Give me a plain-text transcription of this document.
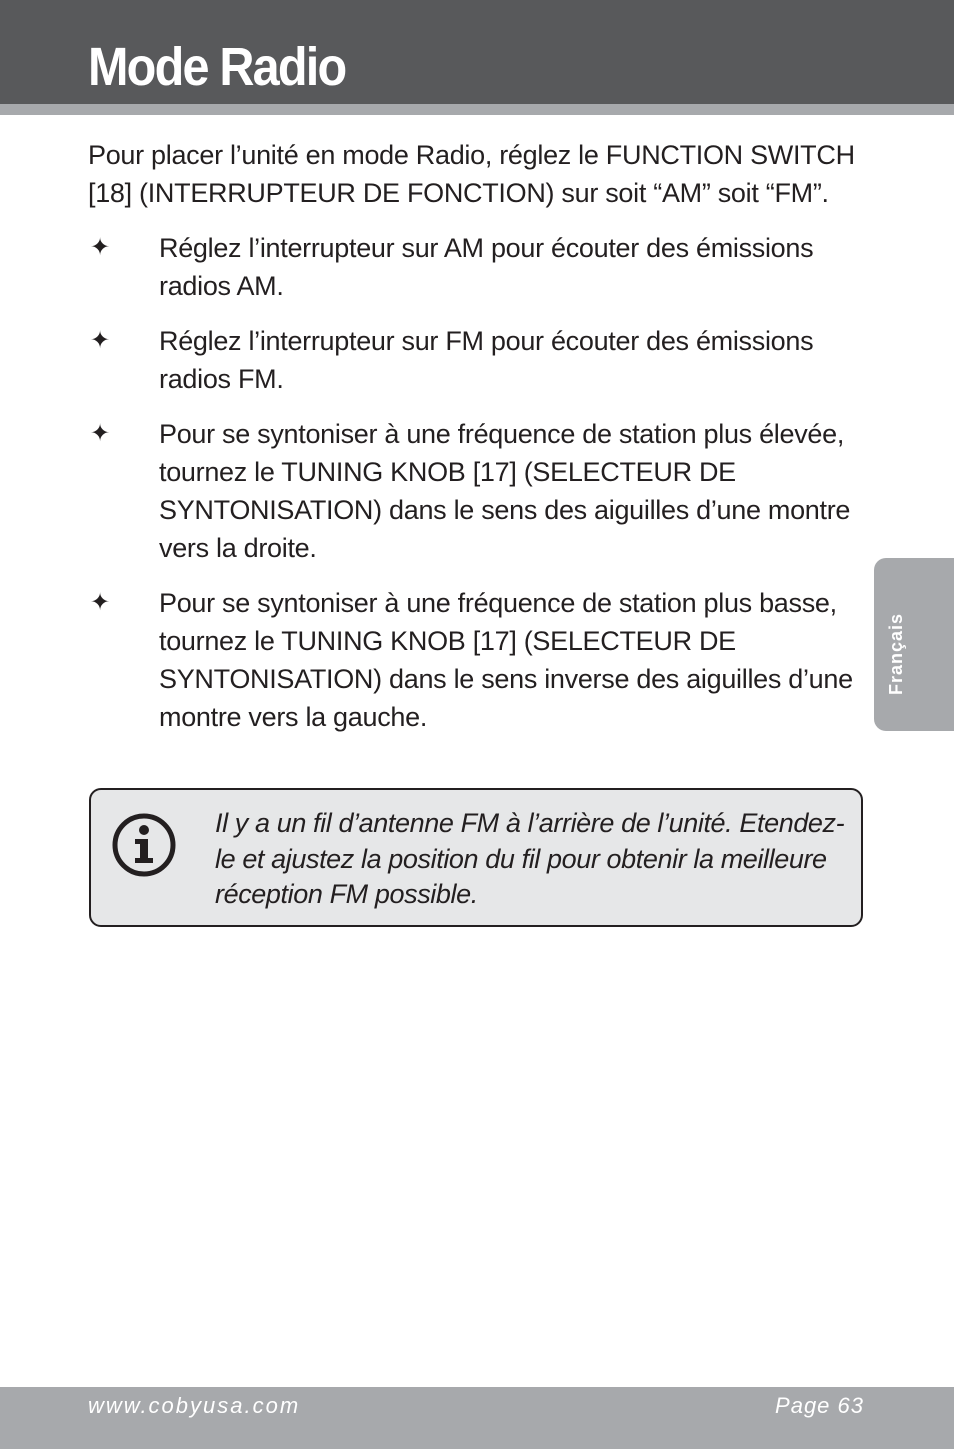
Mode Radio

Pour placer l’unité en mode Radio, réglez le FUNCTION SWITCH [18] (INTERRUPTEUR DE FONCTION) sur soit “AM” soit “FM”.

✦ Réglez l’interrupteur sur AM pour écouter des émissions radios AM.
✦ Réglez l’interrupteur sur FM pour écouter des émissions radios FM.
✦ Pour se syntoniser à une fréquence de station plus élevée, tournez le TUNING KNOB [17] (SELECTEUR DE SYNTONISATION) dans le sens des aiguilles d’une montre vers la droite.
✦ Pour se syntoniser à une fréquence de station plus basse, tournez le TUNING KNOB [17] (SELECTEUR DE SYNTONISATION) dans le sens inverse des aiguilles d’une montre vers la gauche.

Il y a un fil d’antenne FM à l’arrière de l’unité. Etendez-le et ajustez la position du fil pour obtenir la meilleure réception FM possible.

Français
www.cobyusa.com	Page 63
